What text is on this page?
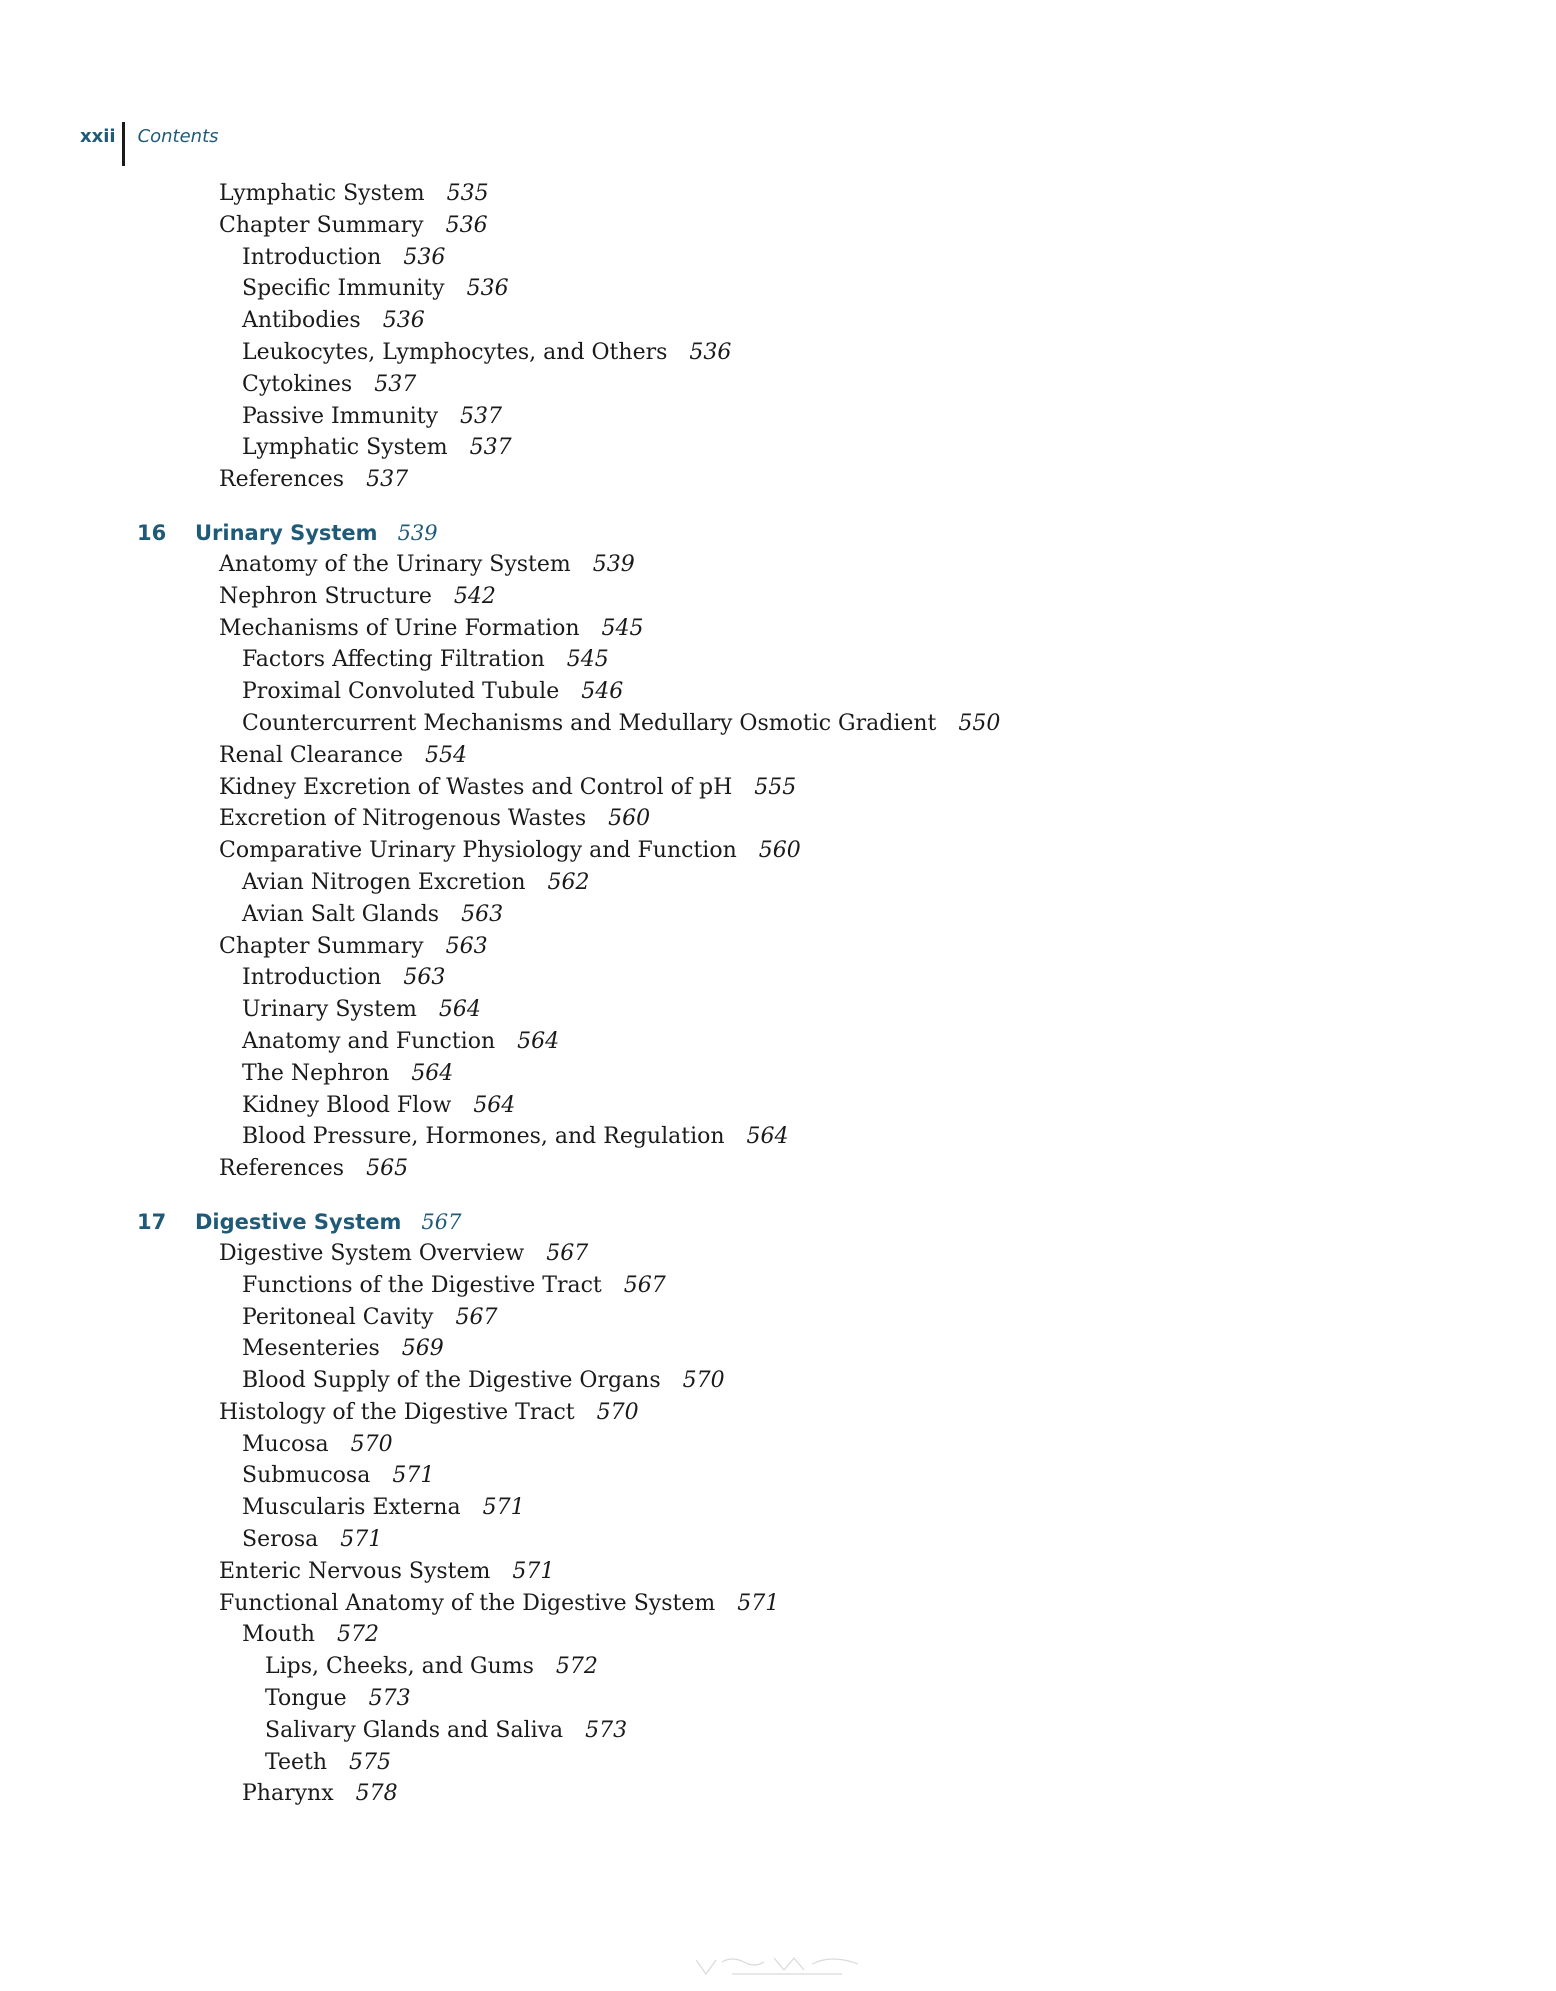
xxii	Contents
Lymphatic System 535
Chapter Summary 536
Introduction 536
Specific Immunity 536
Antibodies 536
Leukocytes, Lymphocytes, and Others 536
Cytokines 537
Passive Immunity 537
Lymphatic System 537
References 537
16 Urinary System 539
Anatomy of the Urinary System 539
Nephron Structure 542
Mechanisms of Urine Formation 545
Factors Affecting Filtration 545
Proximal Convoluted Tubule 546
Countercurrent Mechanisms and Medullary Osmotic Gradient 550
Renal Clearance 554
Kidney Excretion of Wastes and Control of pH 555
Excretion of Nitrogenous Wastes 560
Comparative Urinary Physiology and Function 560
Avian Nitrogen Excretion 562
Avian Salt Glands 563
Chapter Summary 563
Introduction 563
Urinary System 564
Anatomy and Function 564
The Nephron 564
Kidney Blood Flow 564
Blood Pressure, Hormones, and Regulation 564
References 565
17 Digestive System 567
Digestive System Overview 567
Functions of the Digestive Tract 567
Peritoneal Cavity 567
Mesenteries 569
Blood Supply of the Digestive Organs 570
Histology of the Digestive Tract 570
Mucosa 570
Submucosa 571
Muscularis Externa 571
Serosa 571
Enteric Nervous System 571
Functional Anatomy of the Digestive System 571
Mouth 572
Lips, Cheeks, and Gums 572
Tongue 573
Salivary Glands and Saliva 573
Teeth 575
Pharynx 578
